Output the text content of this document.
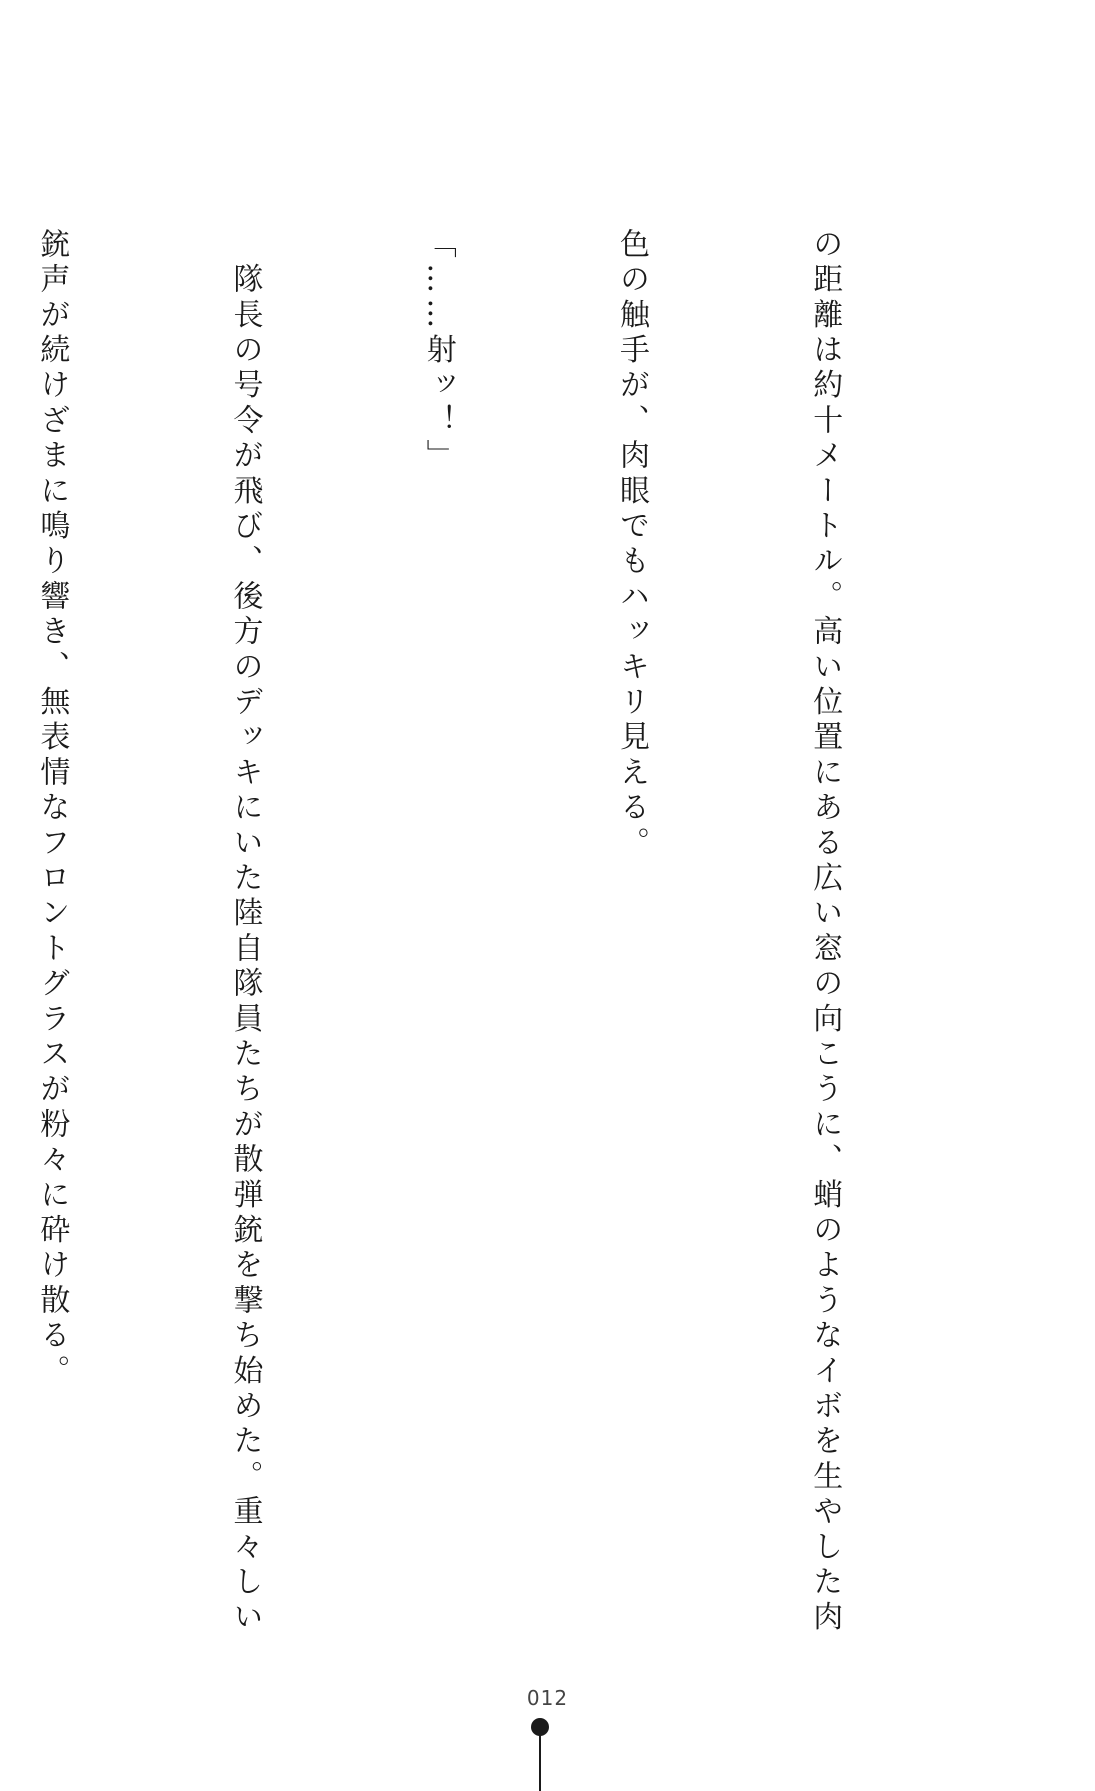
の距離は約十メートル。高い位置にある広い窓の向こうに、蛸のようなイボを生やした肉

色の触手が、肉眼でもハッキリ見える。

「……射ッ！」

　隊長の号令が飛び、後方のデッキにいた陸自隊員たちが散弾銃を撃ち始めた。重々しい

銃声が続けざまに鳴り響き、無表情なフロントグラスが粉々に砕け散る。

012
